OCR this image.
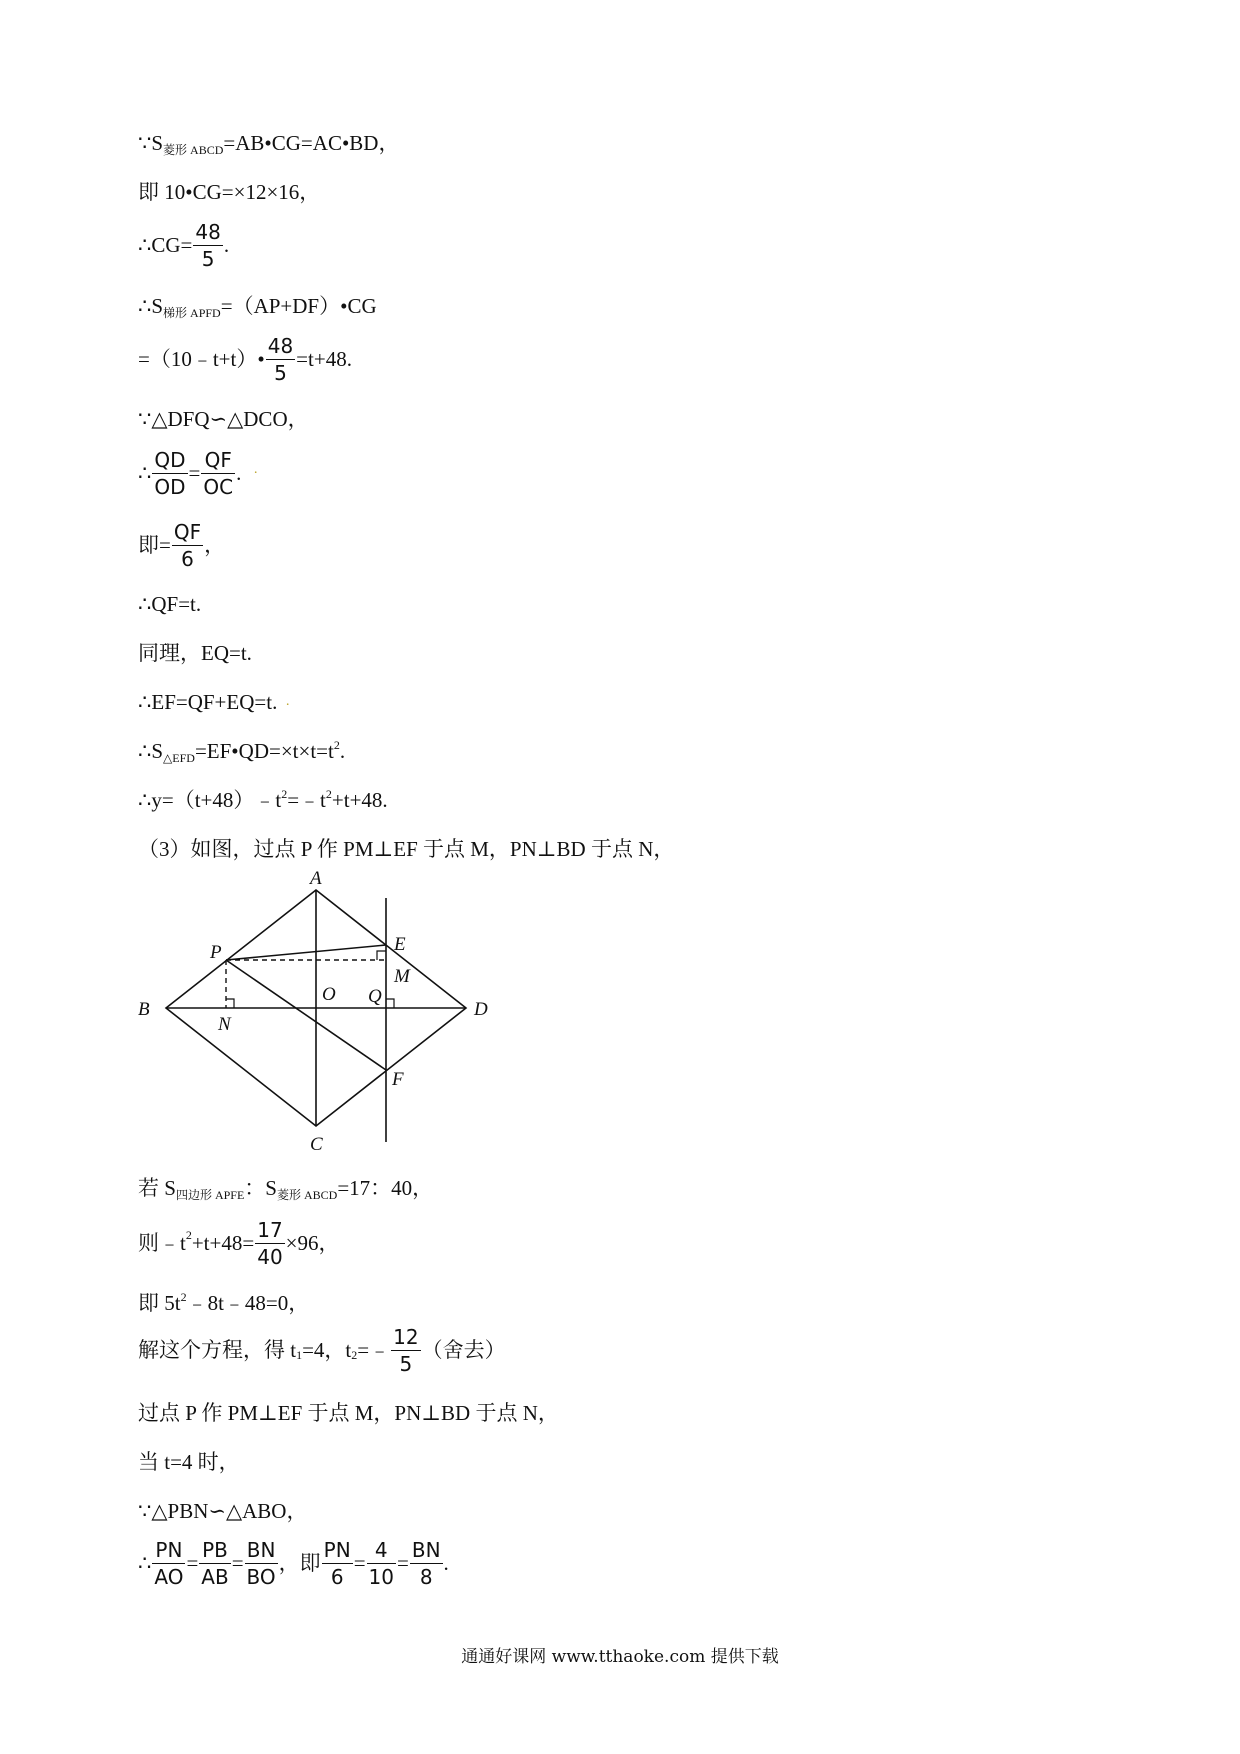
∵S菱形 ABCD=AB•CG=AC•BD，
即 10•CG=×12×16，
∴CG= $\frac{48}{5}$ .
∴S梯形 APFD=（AP+DF）•CG
=（10﹣t+t）• $\frac{48}{5} =t+48$.
∵△DFQ∽△DCO，
∴ $\frac{QD}{OD} = \frac{QF}{OC}$ . ·
即= $\frac{QF}{6}$ ，
∴QF=t.
同理，EQ=t.
∴EF=QF+EQ=t. ·
$\therefore S\triangle EFD=EF•QD=\times t\times t=t^2$.
$\therefore y=(t+48)﹣t^2=﹣t^2+t+48$.
（3）如图，过点 P 作 PM⊥EF 于点 M，PN⊥BD 于点 N，
A
B
C
D
E
F
O
P
Q
M
N
若 S四边形 APFE：S菱形 ABCD=17：40，
则﹣t2+t+48= $\frac{17}{40} \times 96$，
即 $5t^2﹣8t﹣48=0$，
解这个方程，得 t1=4，t2=﹣ $\frac{12}{5}$ （舍去）
过点 P 作 PM⊥EF 于点 M，PN⊥BD 于点 N，
当 t=4 时，
∵△PBN∽△ABO，
∴ $\frac{PN}{AO} = \frac{PB}{AB} = \frac{BN}{BO}$ ，即 $\frac{PN}{6} = \frac{4}{10} = \frac{BN}{8}$ .
通通好课网 www.tthaoke.com 提供下载
